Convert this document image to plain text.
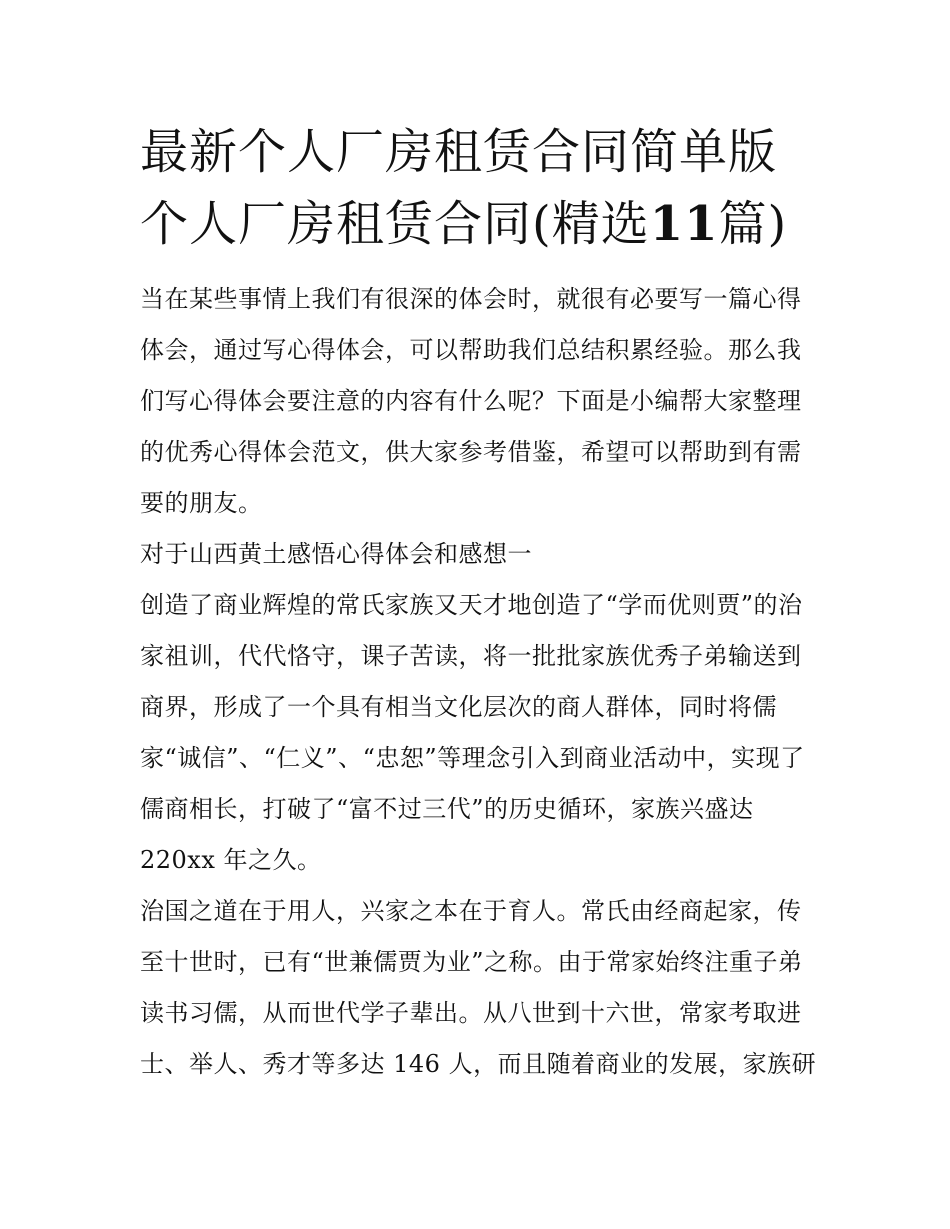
最新个人厂房租赁合同简单版
个人厂房租赁合同(精选11篇)

当在某些事情上我们有很深的体会时，就很有必要写一篇心得
体会，通过写心得体会，可以帮助我们总结积累经验。那么我
们写心得体会要注意的内容有什么呢？下面是小编帮大家整理
的优秀心得体会范文，供大家参考借鉴，希望可以帮助到有需
要的朋友。

对于山西黄土感悟心得体会和感想一

创造了商业辉煌的常氏家族又天才地创造了“学而优则贾”的治
家祖训，代代恪守，课子苦读，将一批批家族优秀子弟输送到
商界，形成了一个具有相当文化层次的商人群体，同时将儒
家“诚信”、“仁义”、“忠恕”等理念引入到商业活动中，实现了
儒商相长，打破了“富不过三代”的历史循环，家族兴盛达
220xx 年之久。

治国之道在于用人，兴家之本在于育人。常氏由经商起家，传
至十世时，已有“世兼儒贾为业”之称。由于常家始终注重子弟
读书习儒，从而世代学子辈出。从八世到十六世，常家考取进
士、举人、秀才等多达 146 人，而且随着商业的发展，家族研
